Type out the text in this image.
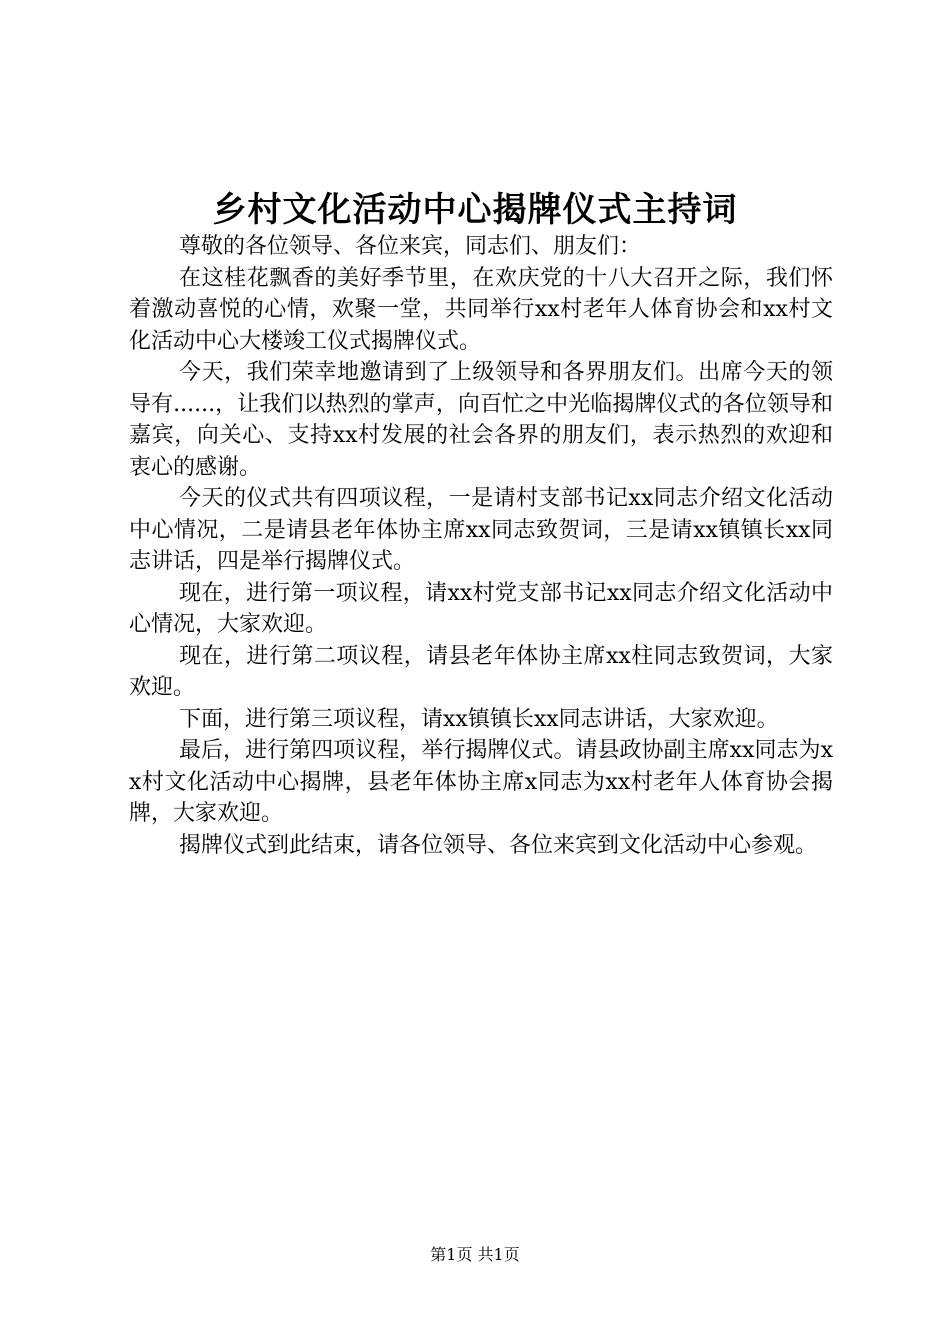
乡村文化活动中心揭牌仪式主持词

尊敬的各位领导、各位来宾，同志们、朋友们：

在这桂花飘香的美好季节里，在欢庆党的十八大召开之际，我们怀着激动喜悦的心情，欢聚一堂，共同举行xx村老年人体育协会和xx村文化活动中心大楼竣工仪式揭牌仪式。

今天，我们荣幸地邀请到了上级领导和各界朋友们。出席今天的领导有......，让我们以热烈的掌声，向百忙之中光临揭牌仪式的各位领导和嘉宾，向关心、支持xx村发展的社会各界的朋友们，表示热烈的欢迎和衷心的感谢。

今天的仪式共有四项议程，一是请村支部书记xx同志介绍文化活动中心情况，二是请县老年体协主席xx同志致贺词，三是请xx镇镇长xx同志讲话，四是举行揭牌仪式。

现在，进行第一项议程，请xx村党支部书记xx同志介绍文化活动中心情况，大家欢迎。

现在，进行第二项议程，请县老年体协主席xx柱同志致贺词，大家欢迎。

下面，进行第三项议程，请xx镇镇长xx同志讲话，大家欢迎。

最后，进行第四项议程，举行揭牌仪式。请县政协副主席xx同志为xx村文化活动中心揭牌，县老年体协主席x同志为xx村老年人体育协会揭牌，大家欢迎。

揭牌仪式到此结束，请各位领导、各位来宾到文化活动中心参观。

第1页 共1页
